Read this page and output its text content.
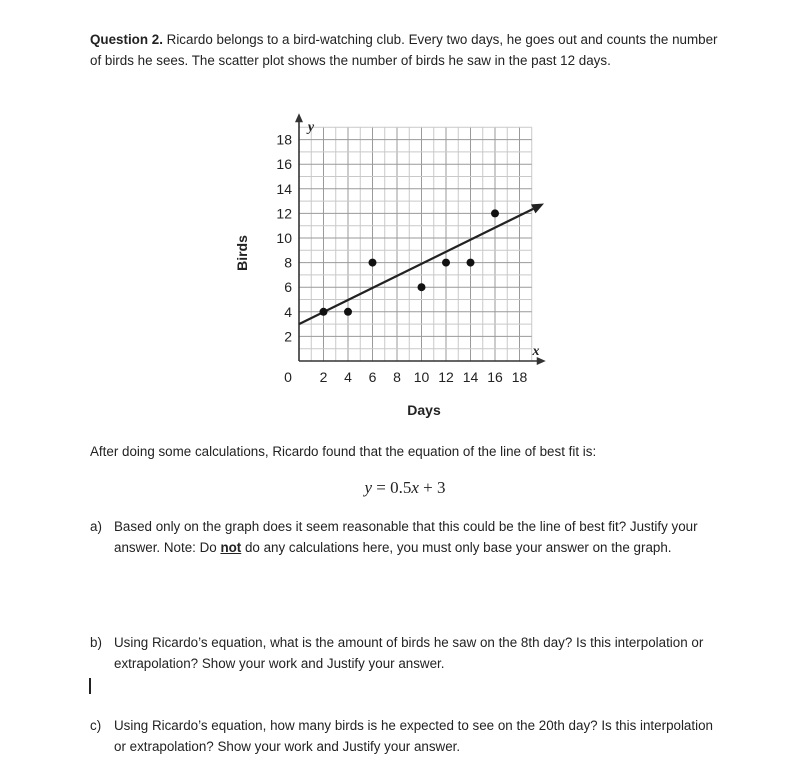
Question 2. Ricardo belongs to a bird-watching club. Every two days, he goes out and counts the number of birds he sees. The scatter plot shows the number of birds he saw in the past 12 days.

2 4 6 8 10 12 14 16 18
2
4
6
8
10
12
14
16
18
Birds
Days
y
x
0

After doing some calculations, Ricardo found that the equation of the line of best fit is:

y = 0.5x + 3
a) Based only on the graph does it seem reasonable that this could be the line of best fit? Justify your answer. Note: Do not do any calculations here, you must only base your answer on the graph.
b) Using Ricardo’s equation, what is the amount of birds he saw on the 8th day? Is this interpolation or extrapolation? Show your work and Justify your answer.
c) Using Ricardo’s equation, how many birds is he expected to see on the 20th day? Is this interpolation or extrapolation? Show your work and Justify your answer.
